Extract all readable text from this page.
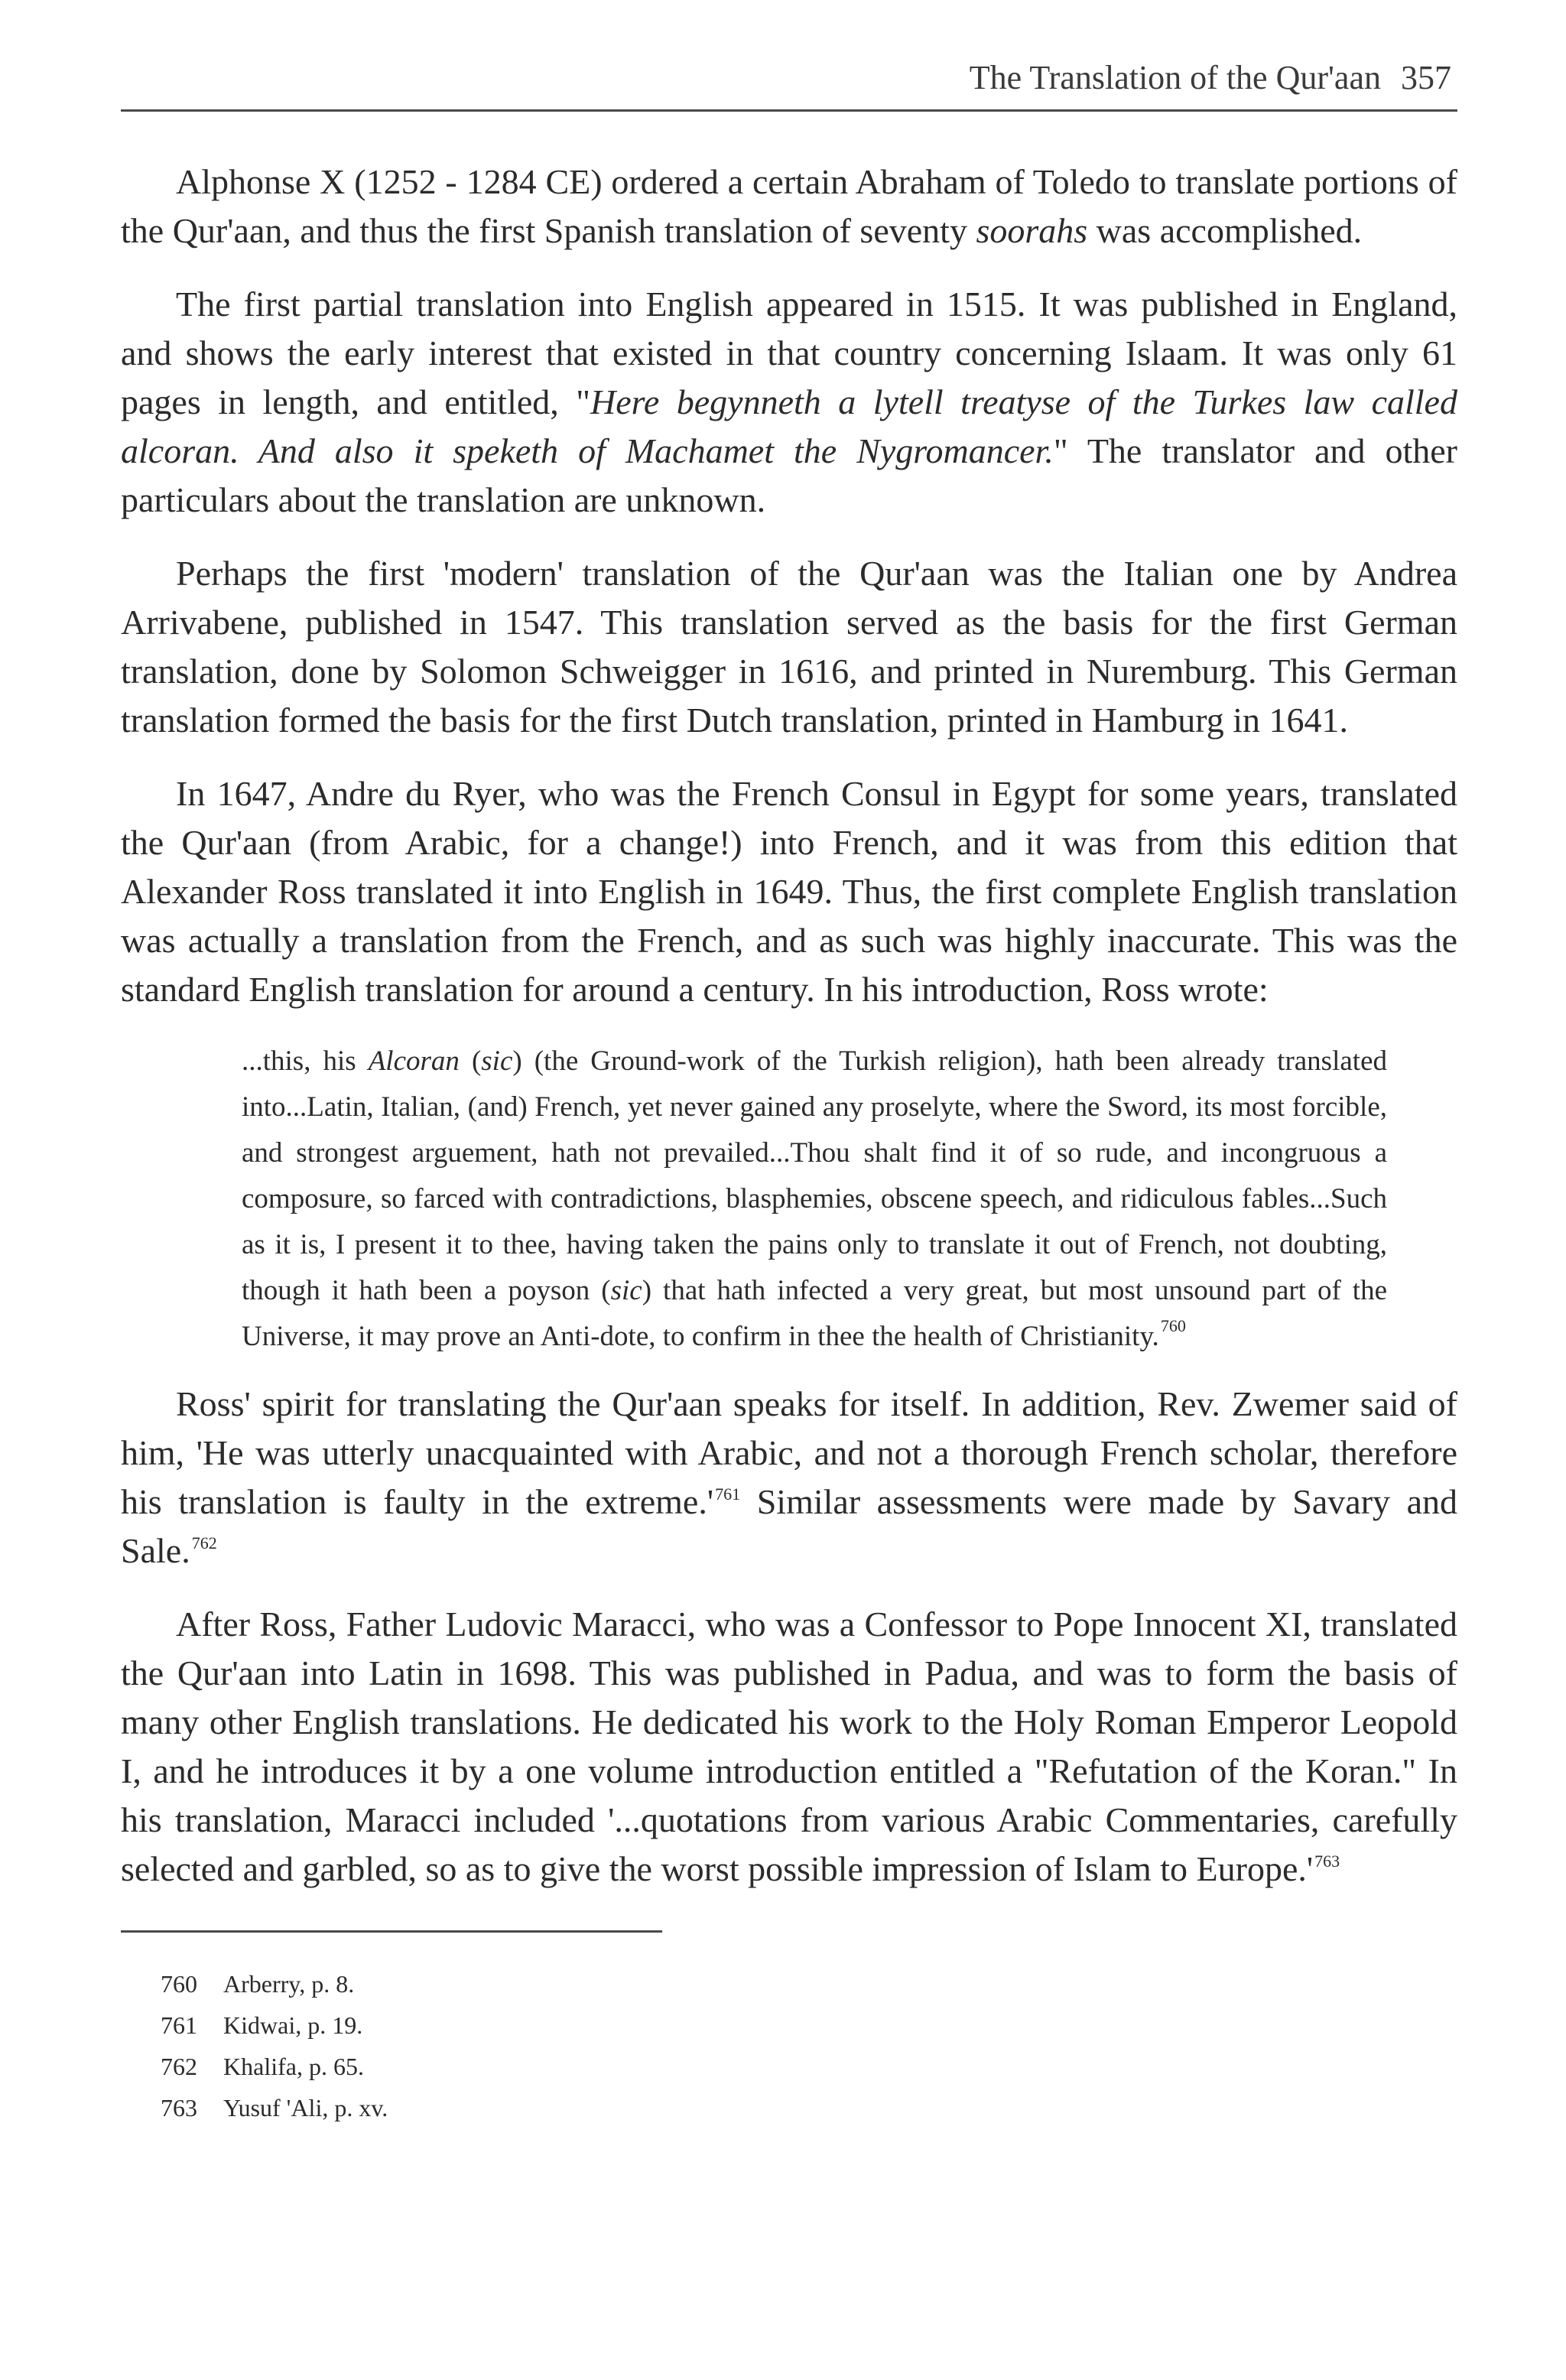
The Translation of the Qur'aan 357

Alphonse X (1252 - 1284 CE) ordered a certain Abraham of Toledo to translate portions of the Qur'aan, and thus the first Spanish translation of seventy soorahs was accomplished.

The first partial translation into English appeared in 1515. It was published in England, and shows the early interest that existed in that country concerning Islaam. It was only 61 pages in length, and entitled, "Here begynneth a lytell treatyse of the Turkes law called alcoran. And also it speketh of Machamet the Nygromancer." The translator and other particulars about the translation are unknown.

Perhaps the first 'modern' translation of the Qur'aan was the Italian one by Andrea Arrivabene, published in 1547. This translation served as the basis for the first German translation, done by Solomon Schweigger in 1616, and printed in Nuremburg. This German translation formed the basis for the first Dutch translation, printed in Hamburg in 1641.

In 1647, Andre du Ryer, who was the French Consul in Egypt for some years, translated the Qur'aan (from Arabic, for a change!) into French, and it was from this edition that Alexander Ross translated it into English in 1649. Thus, the first complete English translation was actually a translation from the French, and as such was highly inaccurate. This was the standard English translation for around a century. In his introduction, Ross wrote:

...this, his Alcoran (sic) (the Ground-work of the Turkish religion), hath been already translated into...Latin, Italian, (and) French, yet never gained any proselyte, where the Sword, its most forcible, and strongest arguement, hath not prevailed...Thou shalt find it of so rude, and incongruous a composure, so farced with contradictions, blasphemies, obscene speech, and ridiculous fables...Such as it is, I present it to thee, having taken the pains only to translate it out of French, not doubting, though it hath been a poyson (sic) that hath infected a very great, but most unsound part of the Universe, it may prove an Anti-dote, to confirm in thee the health of Christianity.$^{760}$

Ross' spirit for translating the Qur'aan speaks for itself. In addition, Rev. Zwemer said of him, 'He was utterly unacquainted with Arabic, and not a thorough French scholar, therefore his translation is faulty in the extreme.'$^{761}$ Similar assessments were made by Savary and Sale.$^{762}$

After Ross, Father Ludovic Maracci, who was a Confessor to Pope Innocent XI, translated the Qur'aan into Latin in 1698. This was published in Padua, and was to form the basis of many other English translations. He dedicated his work to the Holy Roman Emperor Leopold I, and he introduces it by a one volume introduction entitled a "Refutation of the Koran." In his translation, Maracci included '...quotations from various Arabic Commentaries, carefully selected and garbled, so as to give the worst possible impression of Islam to Europe.'$^{763}$

760 Arberry, p. 8.

761 Kidwai, p. 19.

762 Khalifa, p. 65.

763 Yusuf 'Ali, p. xv.
